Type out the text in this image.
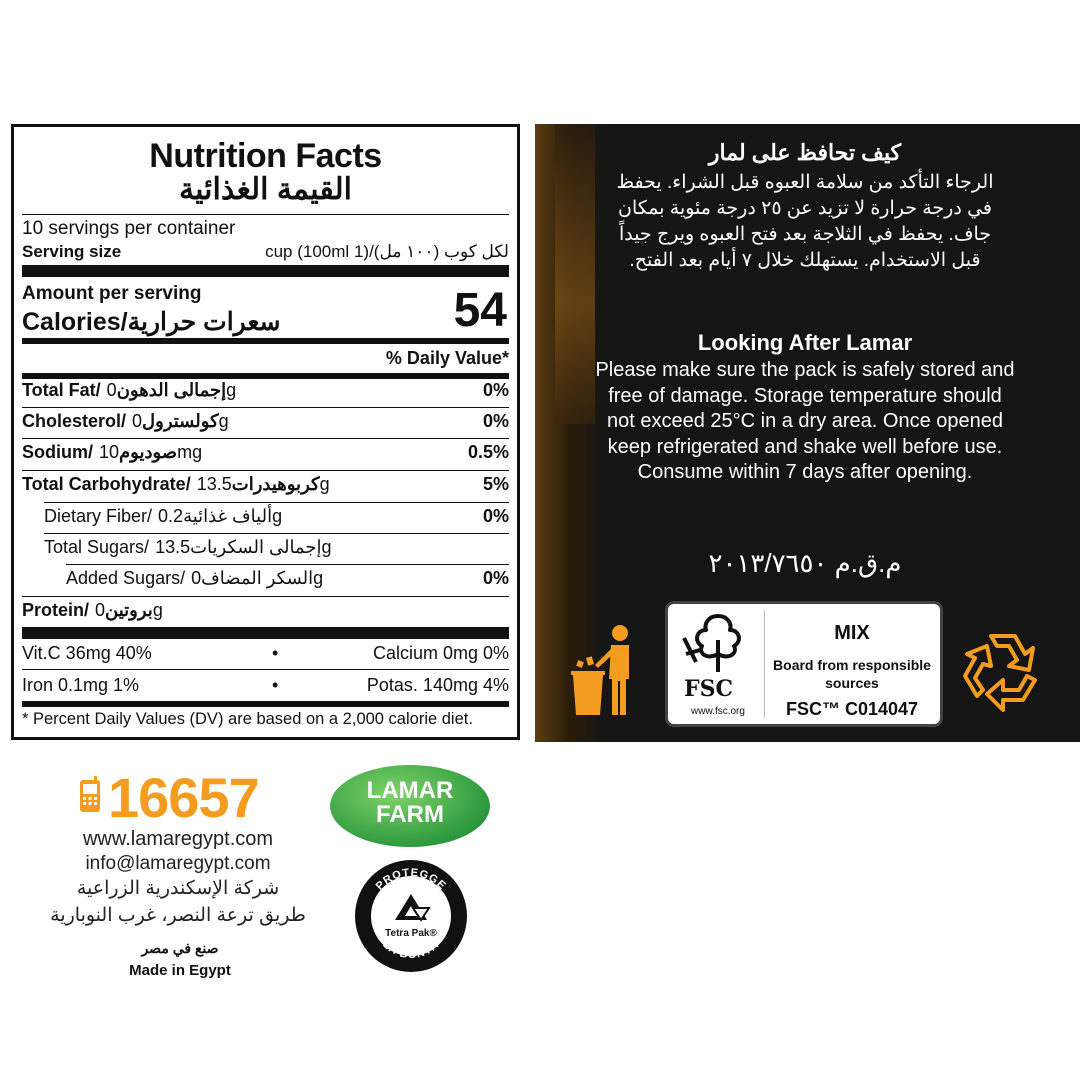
Nutrition Facts
القيمة الغذائية
10 servings per container
Serving size	لكل كوب (١٠٠ مل)/(1 cup (100ml
Amount per serving
Calories/سعرات حرارية	54
% Daily Value*
Total Fat/إجمالى الدهون0g	0%
Cholesterol/كولسترول0g	0%
Sodium/صوديوم10mg	0.5%
Total Carbohydrate/كربوهيدرات13.5g	5%
Dietary Fiber/ألياف غذائية0.2g	0%
Total Sugars/إجمالى السكريات13.5g
Added Sugars/السكر المضاف0g	0%
Protein/بروتين0g
Vit.C 36mg 40%	•	Calcium 0mg 0%
Iron 0.1mg 1%	•	Potas. 140mg 4%
* Percent Daily Values (DV) are based on a 2,000 calorie diet.
كيف تحافظ على لمار
الرجاء التأكد من سلامة العبوه قبل الشراء. يحفظ في درجة حرارة لا تزيد عن ٢٥ درجة مئوية بمكان جاف. يحفظ في الثلاجة بعد فتح العبوه ويرج جيداً قبل الاستخدام. يستهلك خلال ٧ أيام بعد الفتح.
Looking After Lamar
Please make sure the pack is safely stored and free of damage. Storage temperature should not exceed 25°C in a dry area. Once opened keep refrigerated and shake well before use. Consume within 7 days after opening.
م.ق.م ٢٠١٣/٧٦٥٠
FSC
www.fsc.org
MIX
Board from responsible sources
FSC™ C014047
16657
www.lamaregypt.com
info@lamaregypt.com
شركة الإسكندرية الزراعية
طريق ترعة النصر، غرب النوبارية
صنع في مصر
Made in Egypt
LAMAR
FARM
PROTEGGE
LA BONTÀ
Tetra Pak®
